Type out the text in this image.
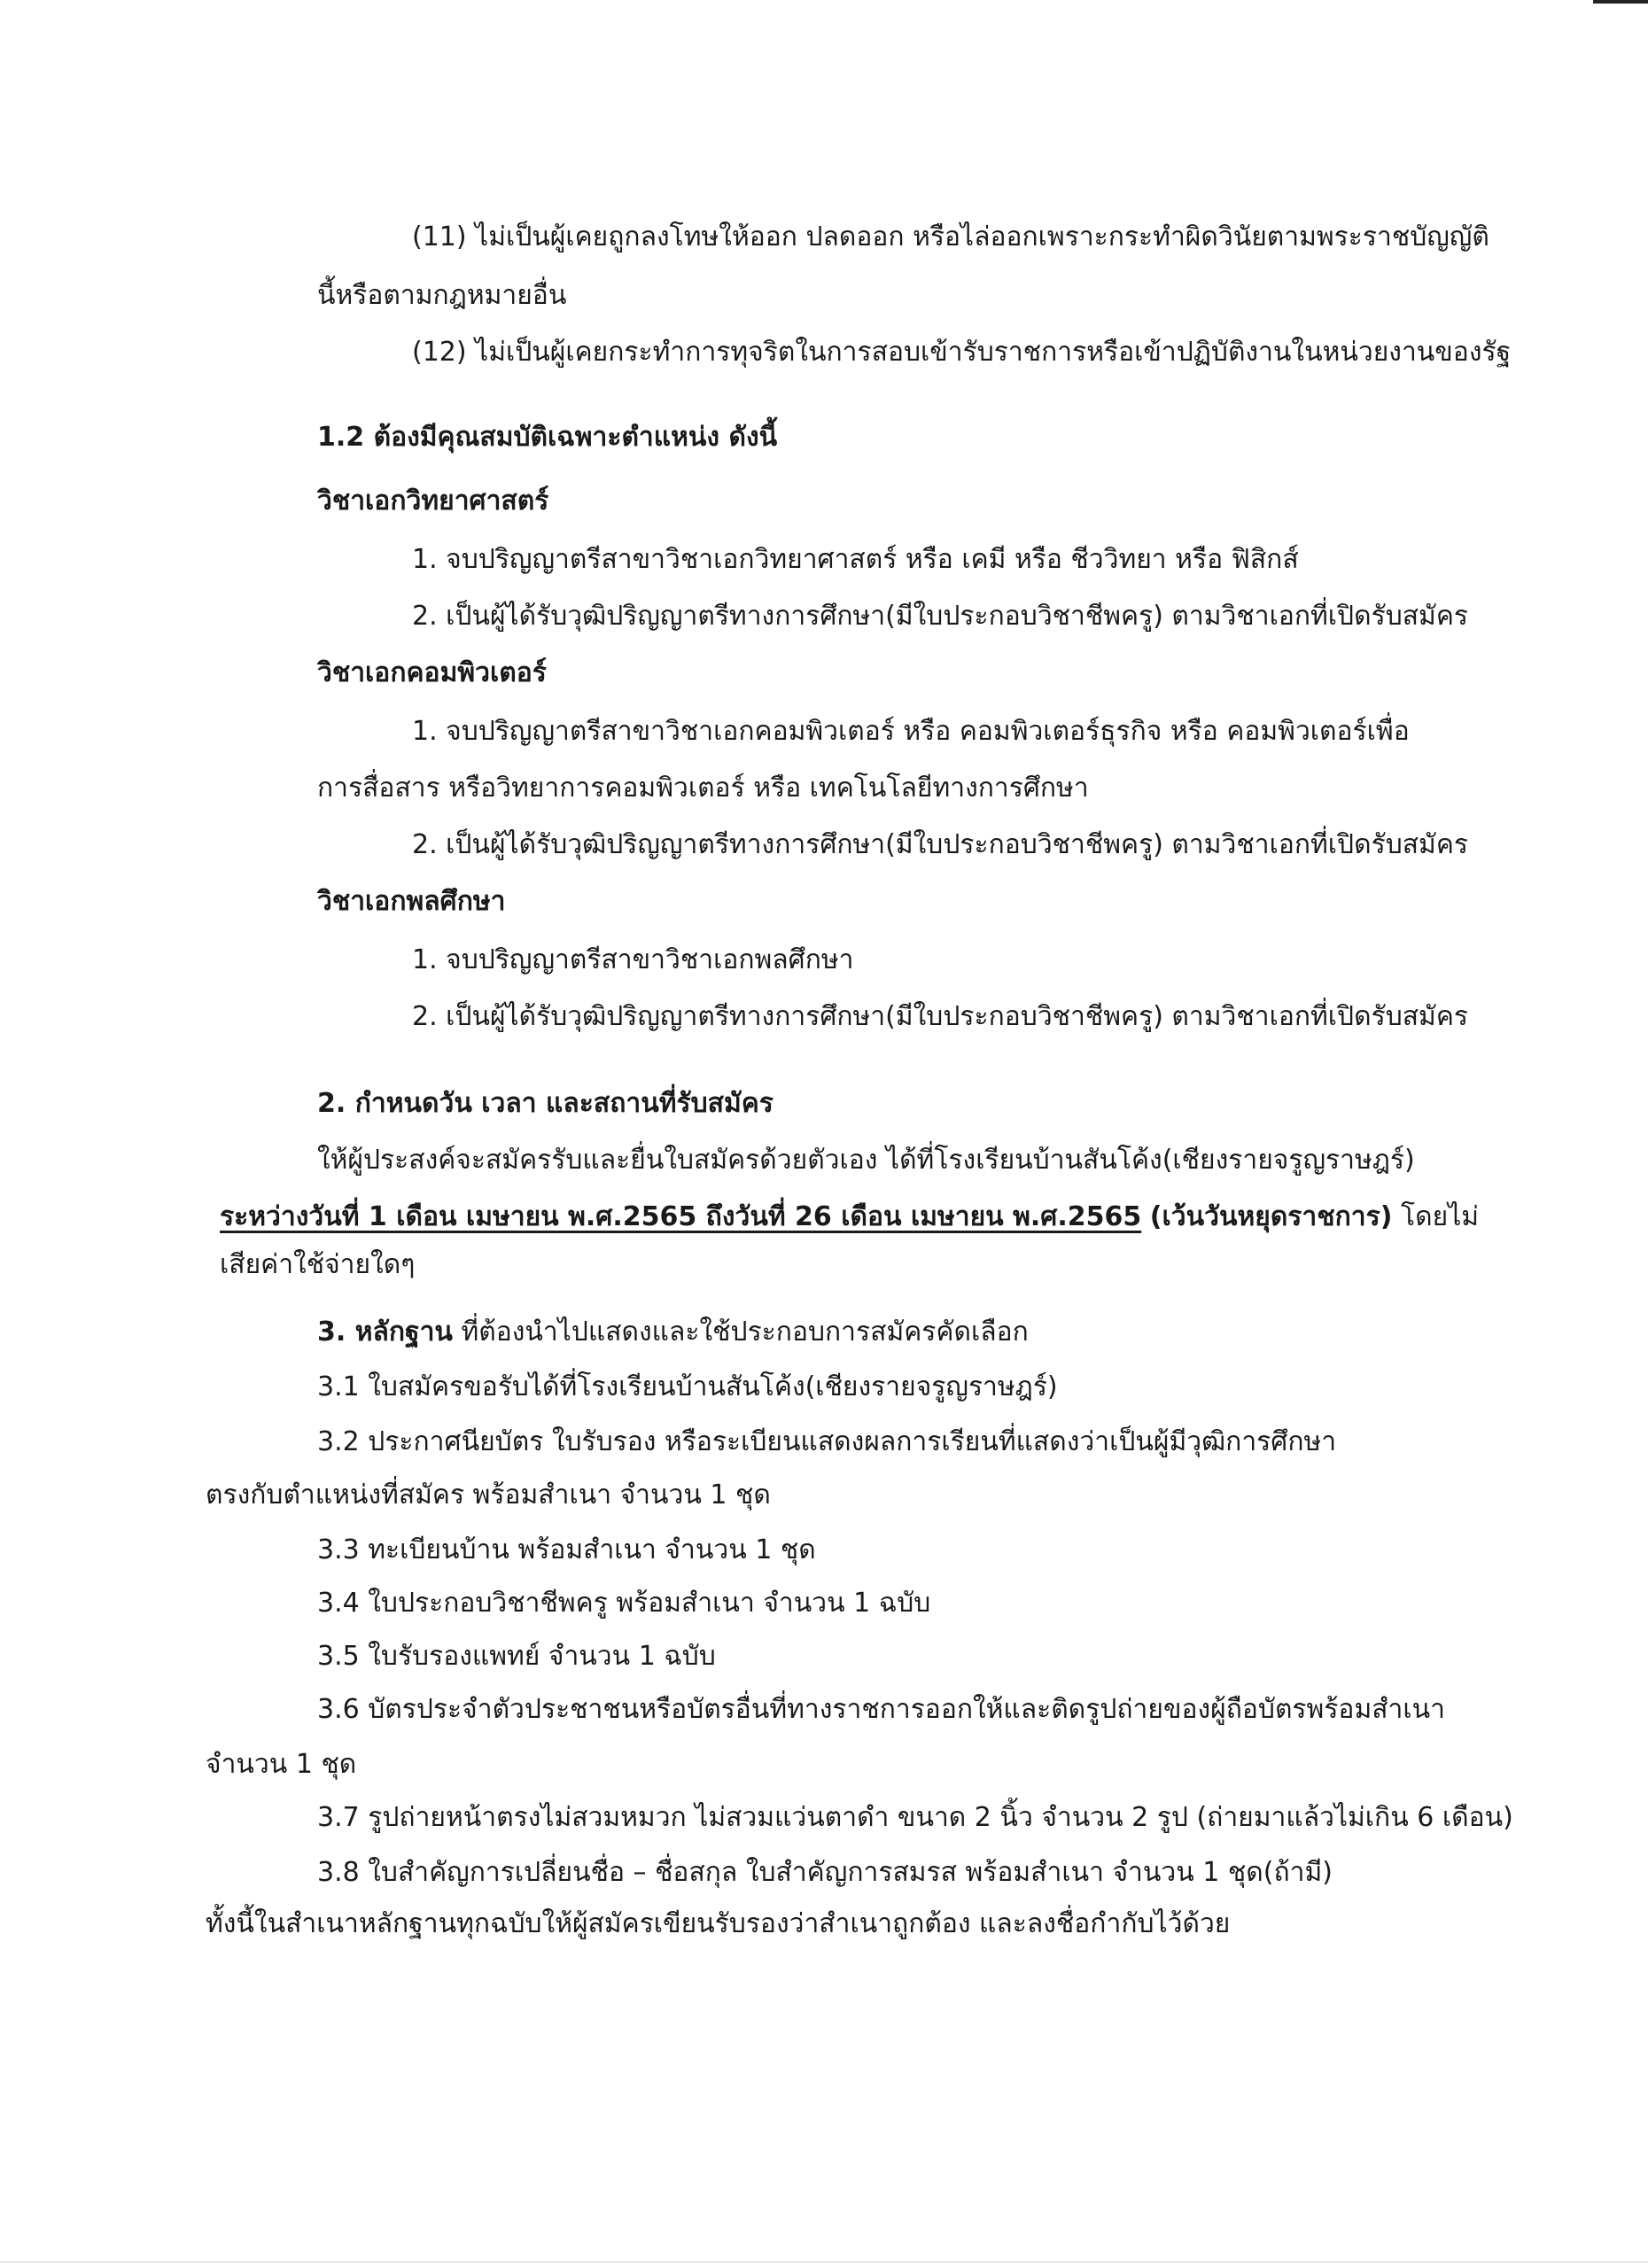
(11) ไม่เป็นผู้เคยถูกลงโทษให้ออก ปลดออก หรือไล่ออกเพราะกระทำผิดวินัยตามพระราชบัญญัติ
นี้หรือตามกฎหมายอื่น
(12) ไม่เป็นผู้เคยกระทำการทุจริตในการสอบเข้ารับราชการหรือเข้าปฏิบัติงานในหน่วยงานของรัฐ
1.2 ต้องมีคุณสมบัติเฉพาะตำแหน่ง ดังนี้
วิชาเอกวิทยาศาสตร์
1. จบปริญญาตรีสาขาวิชาเอกวิทยาศาสตร์ หรือ เคมี หรือ ชีววิทยา หรือ ฟิสิกส์
2. เป็นผู้ได้รับวุฒิปริญญาตรีทางการศึกษา(มีใบประกอบวิชาชีพครู) ตามวิชาเอกที่เปิดรับสมัคร
วิชาเอกคอมพิวเตอร์
1. จบปริญญาตรีสาขาวิชาเอกคอมพิวเตอร์ หรือ คอมพิวเตอร์ธุรกิจ หรือ คอมพิวเตอร์เพื่อ
การสื่อสาร หรือวิทยาการคอมพิวเตอร์ หรือ เทคโนโลยีทางการศึกษา
2. เป็นผู้ได้รับวุฒิปริญญาตรีทางการศึกษา(มีใบประกอบวิชาชีพครู) ตามวิชาเอกที่เปิดรับสมัคร
วิชาเอกพลศึกษา
1. จบปริญญาตรีสาขาวิชาเอกพลศึกษา
2. เป็นผู้ได้รับวุฒิปริญญาตรีทางการศึกษา(มีใบประกอบวิชาชีพครู) ตามวิชาเอกที่เปิดรับสมัคร
2. กำหนดวัน เวลา และสถานที่รับสมัคร
ให้ผู้ประสงค์จะสมัครรับและยื่นใบสมัครด้วยตัวเอง ได้ที่โรงเรียนบ้านสันโค้ง(เชียงรายจรูญราษฎร์)
ระหว่างวันที่ 1 เดือน เมษายน พ.ศ.2565 ถึงวันที่ 26 เดือน เมษายน พ.ศ.2565 (เว้นวันหยุดราชการ) โดยไม่
เสียค่าใช้จ่ายใดๆ
3. หลักฐาน ที่ต้องนำไปแสดงและใช้ประกอบการสมัครคัดเลือก
3.1 ใบสมัครขอรับได้ที่โรงเรียนบ้านสันโค้ง(เชียงรายจรูญราษฎร์)
3.2 ประกาศนียบัตร ใบรับรอง หรือระเบียนแสดงผลการเรียนที่แสดงว่าเป็นผู้มีวุฒิการศึกษา
ตรงกับตำแหน่งที่สมัคร พร้อมสำเนา จำนวน 1 ชุด
3.3 ทะเบียนบ้าน พร้อมสำเนา จำนวน 1 ชุด
3.4 ใบประกอบวิชาชีพครู พร้อมสำเนา จำนวน 1 ฉบับ
3.5 ใบรับรองแพทย์ จำนวน 1 ฉบับ
3.6 บัตรประจำตัวประชาชนหรือบัตรอื่นที่ทางราชการออกให้และติดรูปถ่ายของผู้ถือบัตรพร้อมสำเนา
จำนวน 1 ชุด
3.7 รูปถ่ายหน้าตรงไม่สวมหมวก ไม่สวมแว่นตาดำ ขนาด 2 นิ้ว จำนวน 2 รูป (ถ่ายมาแล้วไม่เกิน 6 เดือน)
3.8 ใบสำคัญการเปลี่ยนชื่อ – ชื่อสกุล ใบสำคัญการสมรส พร้อมสำเนา จำนวน 1 ชุด(ถ้ามี)
ทั้งนี้ในสำเนาหลักฐานทุกฉบับให้ผู้สมัครเขียนรับรองว่าสำเนาถูกต้อง และลงชื่อกำกับไว้ด้วย
